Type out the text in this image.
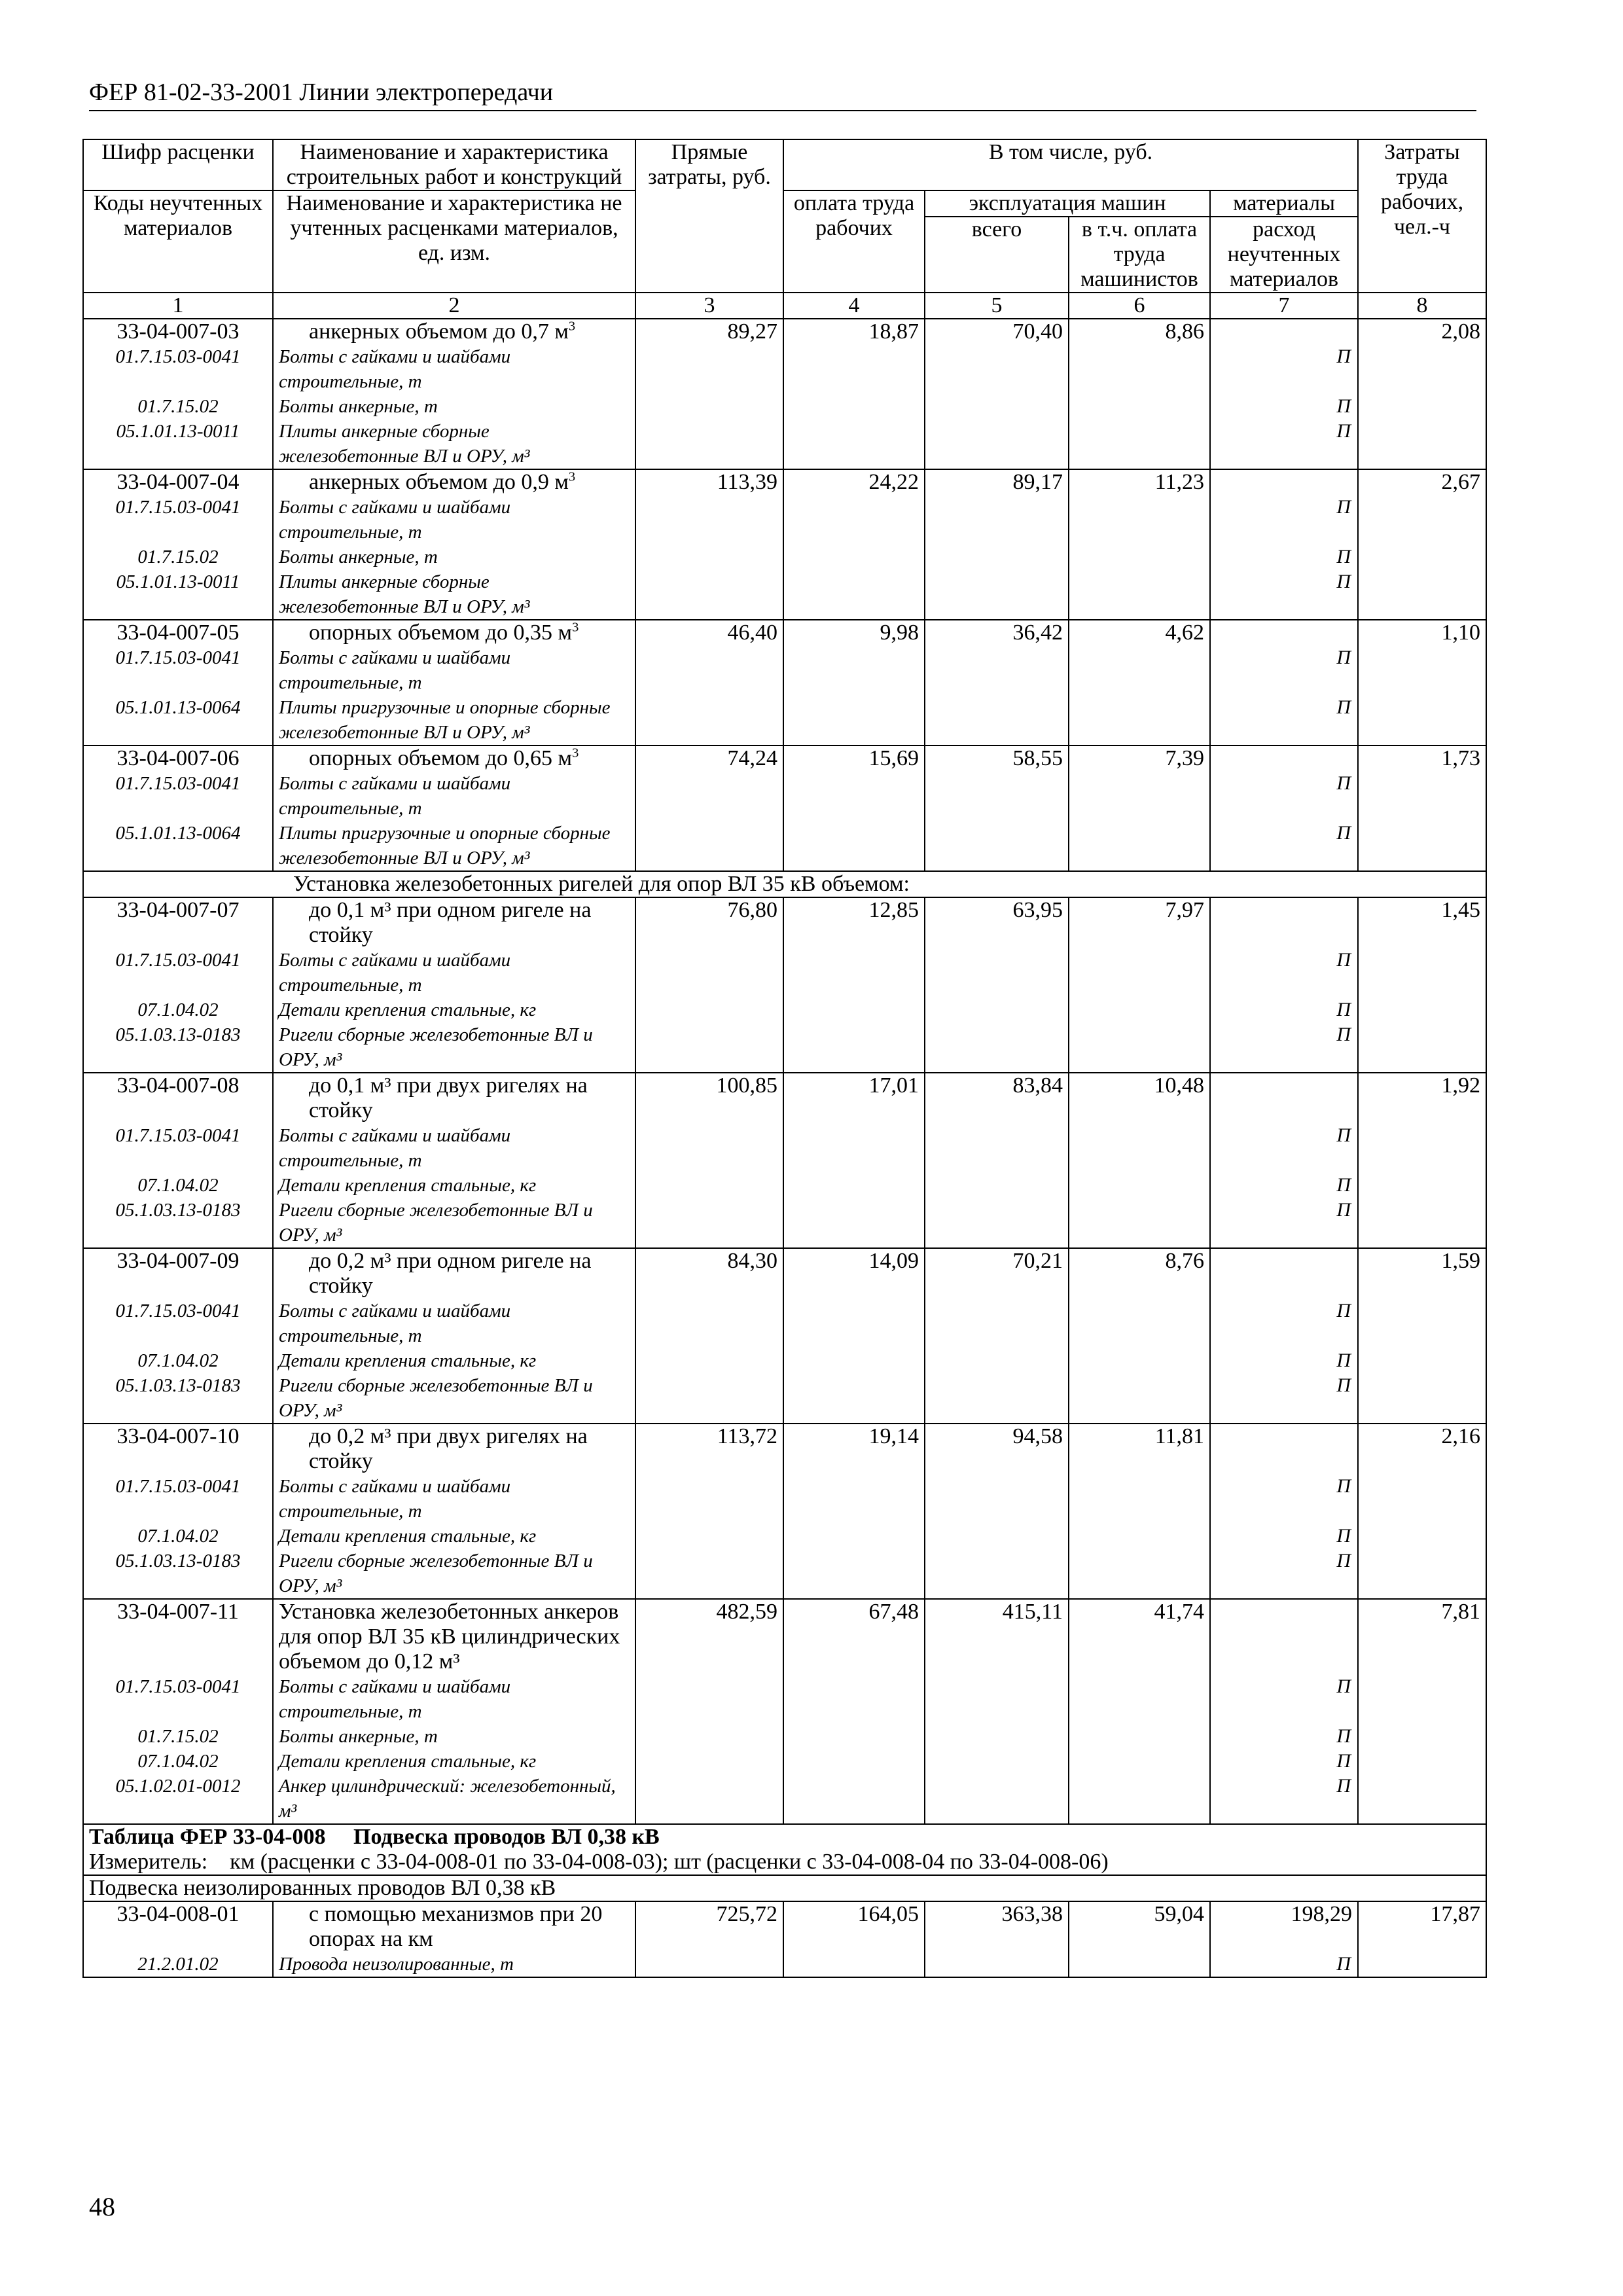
ФЕР 81-02-33-2001 Линии электропередачи
Шифр расценки	Наименование и характеристика строительных работ и конструкций	Прямые затраты, руб.	В том числе, руб.				Затраты труда рабочих, чел.-ч
Коды неучтенных материалов	Наименование и характеристика не учтенных расценками материалов, ед. изм.		оплата труда рабочих	эксплуатация машин		материалы	
				всего	в т.ч. оплата труда машинистов	расход неучтенных материалов	
1	2	3	4	5	6	7	8
33-04-007-03	анкерных объемом до 0,7 $м^3$	89,27	18,87	70,40	8,86		2,08
01.7.15.03-0041	Болты с гайками и шайбами строительные, т					П	
01.7.15.02	Болты анкерные, т					П	
05.1.01.13-0011	Плиты анкерные сборные железобетонные ВЛ и ОРУ, м³					П	
33-04-007-04	анкерных объемом до 0,9 $м^3$	113,39	24,22	89,17	11,23		2,67
01.7.15.03-0041	Болты с гайками и шайбами строительные, т					П	
01.7.15.02	Болты анкерные, т					П	
05.1.01.13-0011	Плиты анкерные сборные железобетонные ВЛ и ОРУ, м³					П	
33-04-007-05	опорных объемом до 0,35 $м^3$	46,40	9,98	36,42	4,62		1,10
01.7.15.03-0041	Болты с гайками и шайбами строительные, т					П	
05.1.01.13-0064	Плиты пригрузочные и опорные сборные железобетонные ВЛ и ОРУ, м³					П	
33-04-007-06	опорных объемом до 0,65 $м^3$	74,24	15,69	58,55	7,39		1,73
01.7.15.03-0041	Болты с гайками и шайбами строительные, т					П	
05.1.01.13-0064	Плиты пригрузочные и опорные сборные железобетонные ВЛ и ОРУ, м³					П	
Установка железобетонных ригелей для опор ВЛ 35 кВ объемом:							
33-04-007-07	до 0,1 м³ при одном ригеле на стойку	76,80	12,85	63,95	7,97		1,45
01.7.15.03-0041	Болты с гайками и шайбами строительные, т					П	
07.1.04.02	Детали крепления стальные, кг					П	
05.1.03.13-0183	Ригели сборные железобетонные ВЛ и ОРУ, м³					П	
33-04-007-08	до 0,1 м³ при двух ригелях на стойку	100,85	17,01	83,84	10,48		1,92
01.7.15.03-0041	Болты с гайками и шайбами строительные, т					П	
07.1.04.02	Детали крепления стальные, кг					П	
05.1.03.13-0183	Ригели сборные железобетонные ВЛ и ОРУ, м³					П	
33-04-007-09	до 0,2 м³ при одном ригеле на стойку	84,30	14,09	70,21	8,76		1,59
01.7.15.03-0041	Болты с гайками и шайбами строительные, т					П	
07.1.04.02	Детали крепления стальные, кг					П	
05.1.03.13-0183	Ригели сборные железобетонные ВЛ и ОРУ, м³					П	
33-04-007-10	до 0,2 м³ при двух ригелях на стойку	113,72	19,14	94,58	11,81		2,16
01.7.15.03-0041	Болты с гайками и шайбами строительные, т					П	
07.1.04.02	Детали крепления стальные, кг					П	
05.1.03.13-0183	Ригели сборные железобетонные ВЛ и ОРУ, м³					П	
33-04-007-11	Установка железобетонных анкеров для опор ВЛ 35 кВ цилиндрических объемом до 0,12 м³	482,59	67,48	415,11	41,74		7,81
01.7.15.03-0041	Болты с гайками и шайбами строительные, т					П	
01.7.15.02	Болты анкерные, т					П	
07.1.04.02	Детали крепления стальные, кг					П	
05.1.02.01-0012	Анкер цилиндрический: железобетонный, м³					П	
Таблица ФЕР 33-04-008     Подвеска проводов ВЛ 0,38 кВ							
Измеритель:    км (расценки с 33-04-008-01 по 33-04-008-03); шт (расценки с 33-04-008-04 по 33-04-008-06)							
Подвеска неизолированных проводов ВЛ 0,38 кВ							
33-04-008-01	с помощью механизмов при 20 опорах на км	725,72	164,05	363,38	59,04	198,29	17,87
21.2.01.02	Провода неизолированные, т					П	
48
